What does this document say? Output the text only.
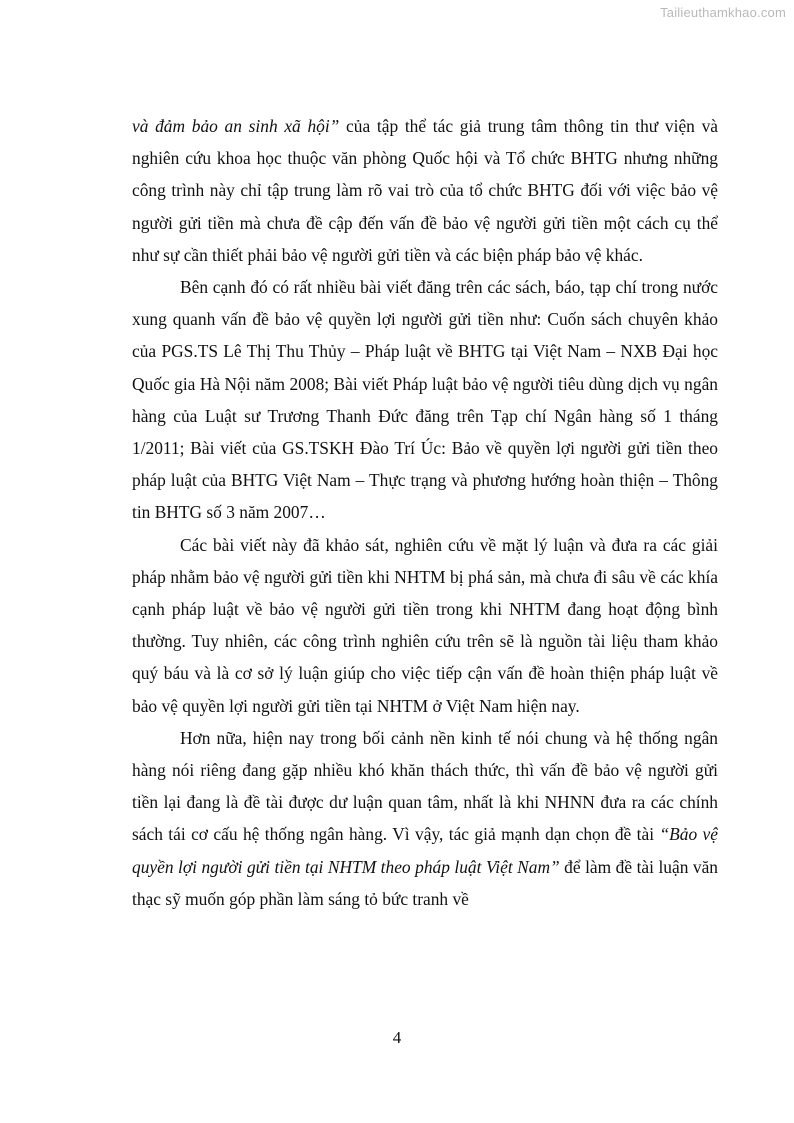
Tailieuthamkhao.com

và đảm bảo an sinh xã hội” của tập thể tác giả trung tâm thông tin thư viện và nghiên cứu khoa học thuộc văn phòng Quốc hội và Tổ chức BHTG nhưng những công trình này chỉ tập trung làm rõ vai trò của tổ chức BHTG đối với việc bảo vệ người gửi tiền mà chưa đề cập đến vấn đề bảo vệ người gửi tiền một cách cụ thể như sự cần thiết phải bảo vệ người gửi tiền và các biện pháp bảo vệ khác.

Bên cạnh đó có rất nhiều bài viết đăng trên các sách, báo, tạp chí trong nước xung quanh vấn đề bảo vệ quyền lợi người gửi tiền như: Cuốn sách chuyên khảo của PGS.TS Lê Thị Thu Thủy – Pháp luật về BHTG tại Việt Nam – NXB Đại học Quốc gia Hà Nội năm 2008; Bài viết Pháp luật bảo vệ người tiêu dùng dịch vụ ngân hàng của Luật sư Trương Thanh Đức đăng trên Tạp chí Ngân hàng số 1 tháng 1/2011; Bài viết của GS.TSKH Đào Trí Úc: Bảo về quyền lợi người gửi tiền theo pháp luật của BHTG Việt Nam – Thực trạng và phương hướng hoàn thiện – Thông tin BHTG số 3 năm 2007…

Các bài viết này đã khảo sát, nghiên cứu về mặt lý luận và đưa ra các giải pháp nhằm bảo vệ người gửi tiền khi NHTM bị phá sản, mà chưa đi sâu về các khía cạnh pháp luật về bảo vệ người gửi tiền trong khi NHTM đang hoạt động bình thường. Tuy nhiên, các công trình nghiên cứu trên sẽ là nguồn tài liệu tham khảo quý báu và là cơ sở lý luận giúp cho việc tiếp cận vấn đề hoàn thiện pháp luật về bảo vệ quyền lợi người gửi tiền tại NHTM ở Việt Nam hiện nay.

Hơn nữa, hiện nay trong bối cảnh nền kinh tế nói chung và hệ thống ngân hàng nói riêng đang gặp nhiều khó khăn thách thức, thì vấn đề bảo vệ người gửi tiền lại đang là đề tài được dư luận quan tâm, nhất là khi NHNN đưa ra các chính sách tái cơ cấu hệ thống ngân hàng. Vì vậy, tác giả mạnh dạn chọn đề tài “Bảo vệ quyền lợi người gửi tiền tại NHTM theo pháp luật Việt Nam” để làm đề tài luận văn thạc sỹ muốn góp phần làm sáng tỏ bức tranh về

4
